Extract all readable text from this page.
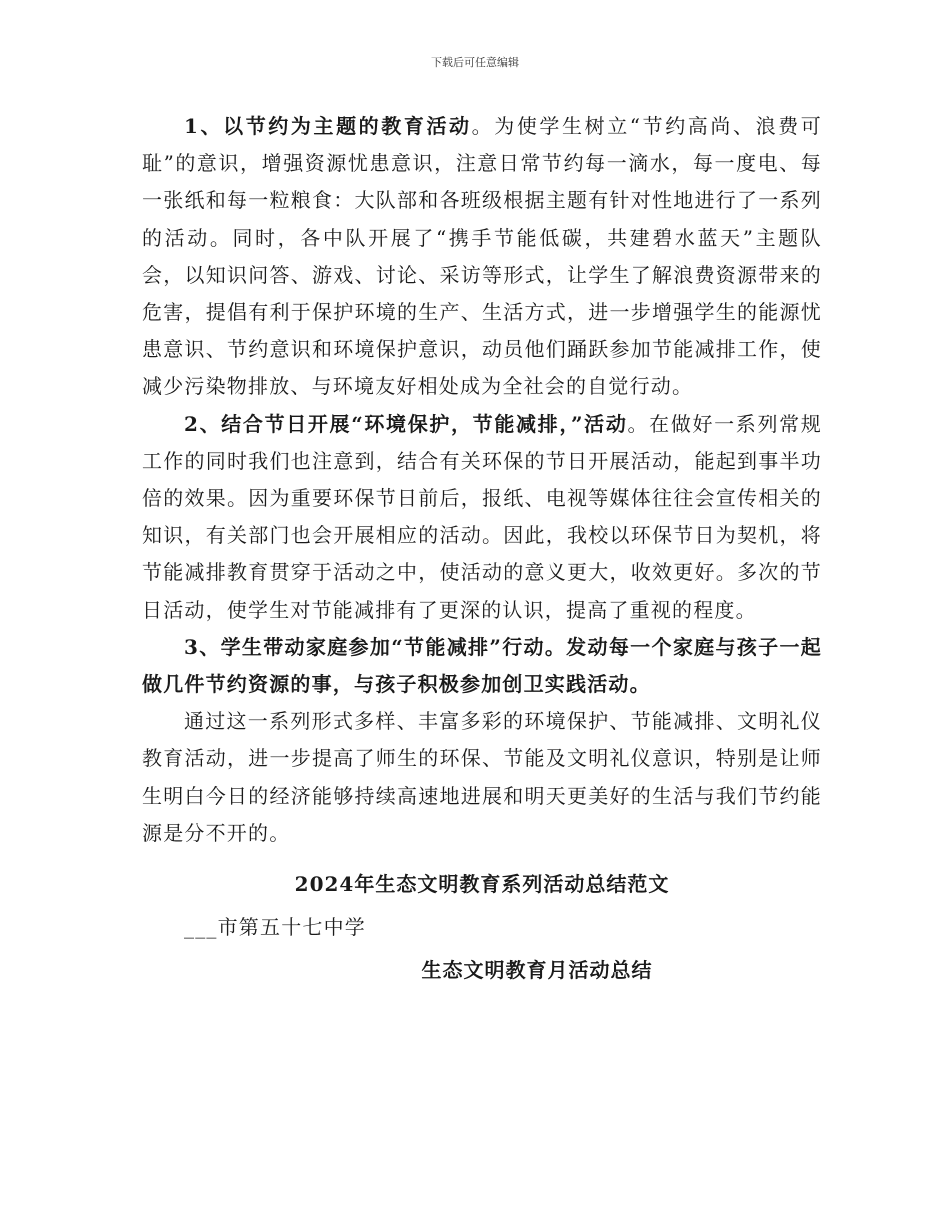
下载后可任意编辑

1、以节约为主题的教育活动。为使学生树立“节约高尚、浪费可耻”的意识，增强资源忧患意识，注意日常节约每一滴水，每一度电、每一张纸和每一粒粮食：大队部和各班级根据主题有针对性地进行了一系列的活动。同时，各中队开展了“携手节能低碳，共建碧水蓝天”主题队会，以知识问答、游戏、讨论、采访等形式，让学生了解浪费资源带来的危害，提倡有利于保护环境的生产、生活方式，进一步增强学生的能源忧患意识、节约意识和环境保护意识，动员他们踊跃参加节能减排工作，使减少污染物排放、与环境友好相处成为全社会的自觉行动。

2、结合节日开展“环境保护，节能减排，”活动。在做好一系列常规工作的同时我们也注意到，结合有关环保的节日开展活动，能起到事半功倍的效果。因为重要环保节日前后，报纸、电视等媒体往往会宣传相关的知识，有关部门也会开展相应的活动。因此，我校以环保节日为契机，将节能减排教育贯穿于活动之中，使活动的意义更大，收效更好。多次的节日活动，使学生对节能减排有了更深的认识，提高了重视的程度。

3、学生带动家庭参加“节能减排”行动。发动每一个家庭与孩子一起做几件节约资源的事，与孩子积极参加创卫实践活动。

通过这一系列形式多样、丰富多彩的环境保护、节能减排、文明礼仪教育活动，进一步提高了师生的环保、节能及文明礼仪意识，特别是让师生明白今日的经济能够持续高速地进展和明天更美好的生活与我们节约能源是分不开的。

2024年生态文明教育系列活动总结范文

___市第五十七中学

生态文明教育月活动总结
